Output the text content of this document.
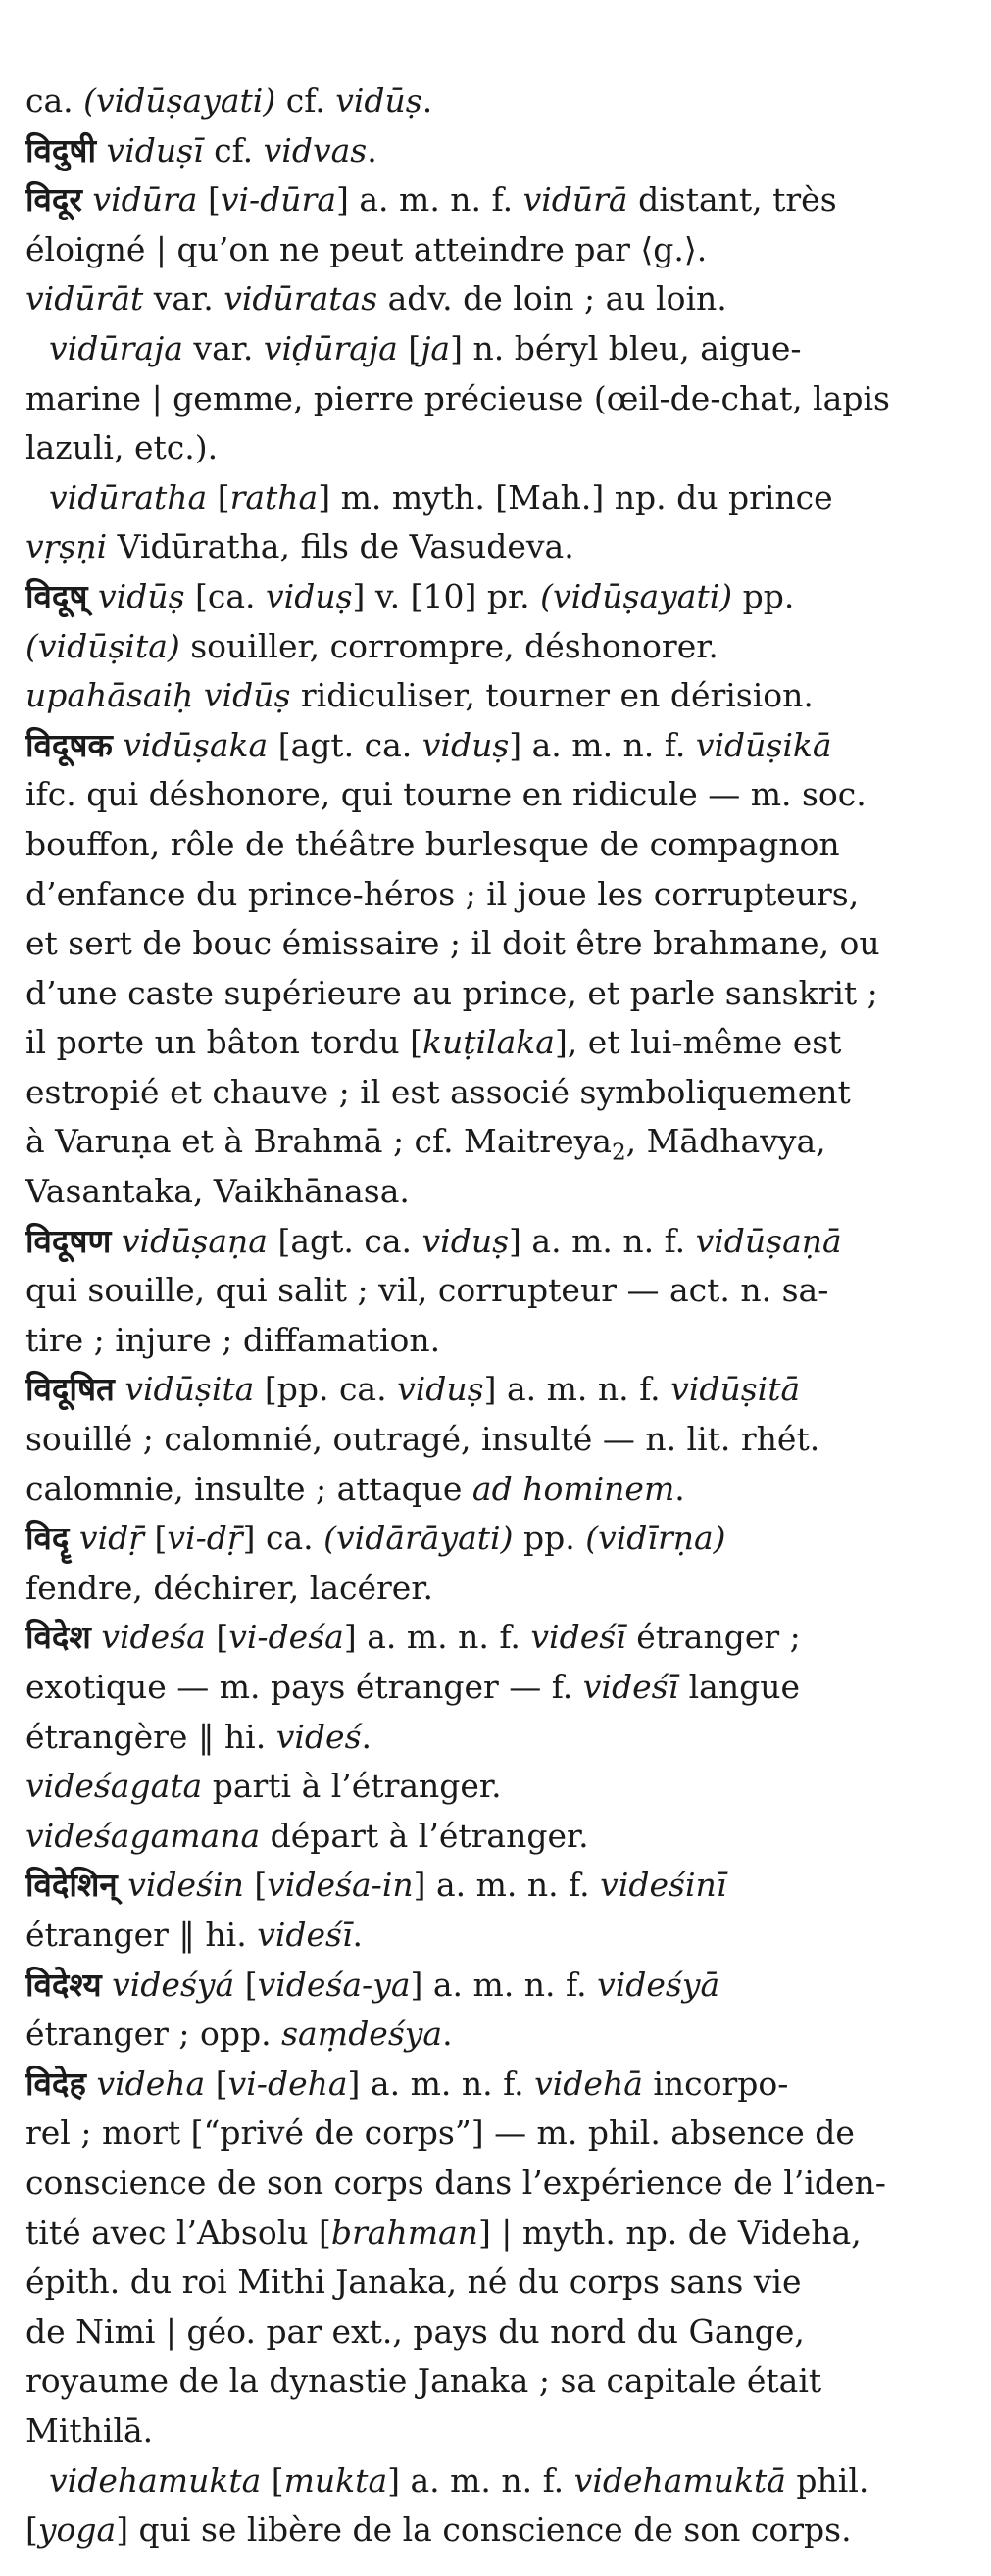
ca. (vidūṣayati) cf. vidūṣ.
विदुषी viduṣī cf. vidvas.
विदूर vidūra [vi-dūra] a. m. n. f. vidūrā distant, très
éloigné | qu’on ne peut atteindre par ⟨g.⟩.
vidūrāt var. vidūratas adv. de loin ; au loin.
vidūraja var. viḍūraja [ja] n. béryl bleu, aigue-
marine | gemme, pierre précieuse (œil-de-chat, lapis
lazuli, etc.).
vidūratha [ratha] m. myth. [Mah.] np. du prince
vṛṣṇi Vidūratha, fils de Vasudeva.
विदूष् vidūṣ [ca. viduṣ] v. [10] pr. (vidūṣayati) pp.
(vidūṣita) souiller, corrompre, déshonorer.
upahāsaiḥ vidūṣ ridiculiser, tourner en dérision.
विदूषक vidūṣaka [agt. ca. viduṣ] a. m. n. f. vidūṣikā
ifc. qui déshonore, qui tourne en ridicule — m. soc.
bouffon, rôle de théâtre burlesque de compagnon
d’enfance du prince-héros ; il joue les corrupteurs,
et sert de bouc émissaire ; il doit être brahmane, ou
d’une caste supérieure au prince, et parle sanskrit ;
il porte un bâton tordu [kuṭilaka], et lui-même est
estropié et chauve ; il est associé symboliquement
à Varuṇa et à Brahmā ; cf. Maitreya$_2$, Mādhavya,
Vasantaka, Vaikhānasa.
विदूषण vidūṣaṇa [agt. ca. viduṣ] a. m. n. f. vidūṣaṇā
qui souille, qui salit ; vil, corrupteur — act. n. sa-
tire ; injure ; diffamation.
विदूषित vidūṣita [pp. ca. viduṣ] a. m. n. f. vidūṣitā
souillé ; calomnié, outragé, insulté — n. lit. rhét.
calomnie, insulte ; attaque ad hominem.
विदॄ vidṝ [vi-dṝ] ca. (vidārāyati) pp. (vidīrṇa)
fendre, déchirer, lacérer.
विदेश videśa [vi-deśa] a. m. n. f. videśī étranger ;
exotique — m. pays étranger — f. videśī langue
étrangère ‖ hi. videś.
videśagata parti à l’étranger.
videśagamana départ à l’étranger.
विदेशिन् videśin [videśa-in] a. m. n. f. videśinī
étranger ‖ hi. videśī.
विदेश्य videśyá [videśa-ya] a. m. n. f. videśyā
étranger ; opp. saṃdeśya.
विदेह videha [vi-deha] a. m. n. f. videhā incorpo-
rel ; mort [“privé de corps”] — m. phil. absence de
conscience de son corps dans l’expérience de l’iden-
tité avec l’Absolu [brahman] | myth. np. de Videha,
épith. du roi Mithi Janaka, né du corps sans vie
de Nimi | géo. par ext., pays du nord du Gange,
royaume de la dynastie Janaka ; sa capitale était
Mithilā.
videhamukta [mukta] a. m. n. f. videhamuktā phil.
[yoga] qui se libère de la conscience de son corps.
